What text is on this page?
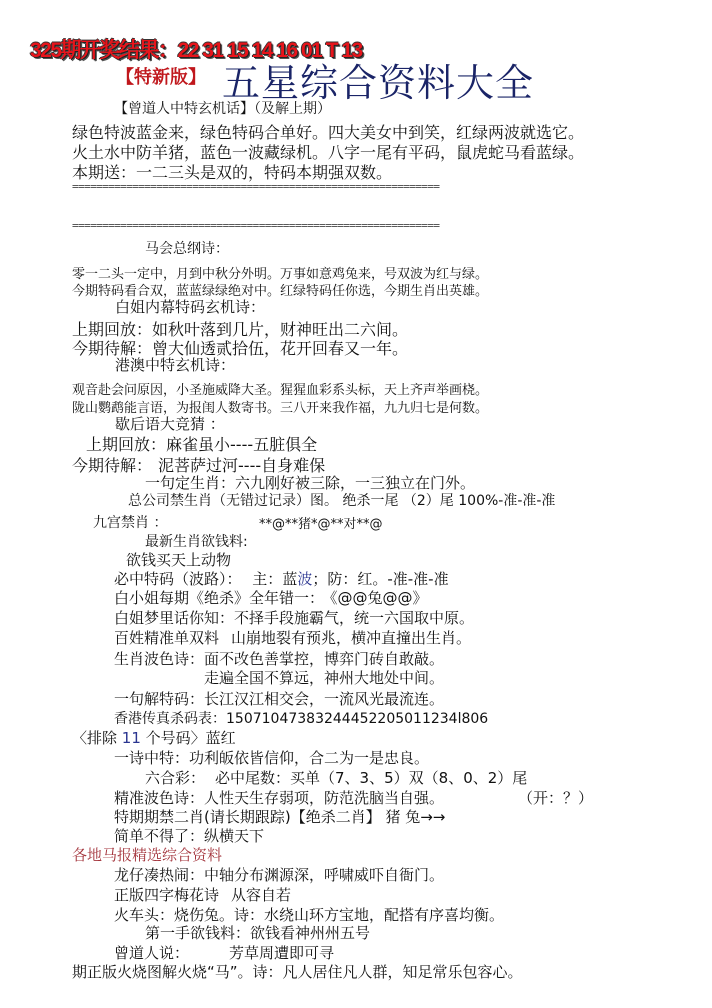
325期开奖结果：22 31 15 14 16 01 T 13
【特新版】 五星综合资料大全
【曾道人中特玄机话】（及解上期）
绿色特波蓝金来，绿色特码合单好。四大美女中到笑，红绿两波就选它。
火土水中防羊猪，蓝色一波藏绿机。八字一尾有平码，鼠虎蛇马看蓝绿。
本期送：一二三头是双的，特码本期强双数。
=============================================================
=============================================================
马会总纲诗：
零一二头一定中，月到中秋分外明。万事如意鸡兔来，号双波为红与绿。
今期特码看合双，蓝蓝绿绿绝对中。红绿特码任你选，今期生肖出英雄。
白姐内幕特码玄机诗：
上期回放：如秋叶落到几片，财神旺出二六间。
今期待解：曾大仙透贰拾伍，花开回春又一年。
港澳中特玄机诗：
观音赴会问原因，小圣施威降大圣。猩猩血彩系头标，天上齐声举画桡。
陇山鹦鹉能言语，为报闺人数寄书。三八开来我作福，九九归七是何数。
歇后语大竞猜 ：
上期回放：麻雀虽小----五脏俱全
今期待解： 泥菩萨过河----自身难保
一句定生肖：六九刚好被三除，一三独立在门外。
总公司禁生肖（无错过记录）图。 绝杀一尾 （2）尾 100%-准-准-准
九宫禁肖 ：	**@**猪*@**对**@
最新生肖欲钱料:
欲钱买天上动物
必中特码（波路）： 主：蓝波；防：红。-准-准-准
白小姐每期《绝杀》全年错一： 《@@兔@@》
白姐梦里话你知：不择手段施霸气，统一六国取中原。
百姓精准单双料 山崩地裂有预兆，横冲直撞出生肖。
生肖波色诗：面不改色善掌控，博弈门砖自敢敲。
走遍全国不算远，神州大地处中间。
一句解特码：长江汉江相交会，一流风光最流连。
香港传真杀码表：15071047383244452205011234l806
〈排除 11 个号码〉蓝红
一诗中特：功利皈依皆信仰，合二为一是忠良。
六合彩： 必中尾数：买单（7、3、5）双（8、0、2）尾
精准波色诗：人性天生存弱项，防范洗脑当自强。	（开：？）
特期期禁二肖(请长期跟踪)【绝杀二肖】 猪 兔→→
简单不得了：纵横天下
各地马报精选综合资料
龙仔凑热闹：中轴分布渊源深，呼啸威吓自衙门。
正版四字梅花诗 从容自若
火车头：烧伤兔。诗：水绕山环方宝地，配搭有序喜均衡。
第一手欲钱料：欲钱看神州州五号
曾道人说：	芳草周遭即可寻
期正版火烧图解火烧“马”。诗：凡人居住凡人群，知足常乐包容心。
